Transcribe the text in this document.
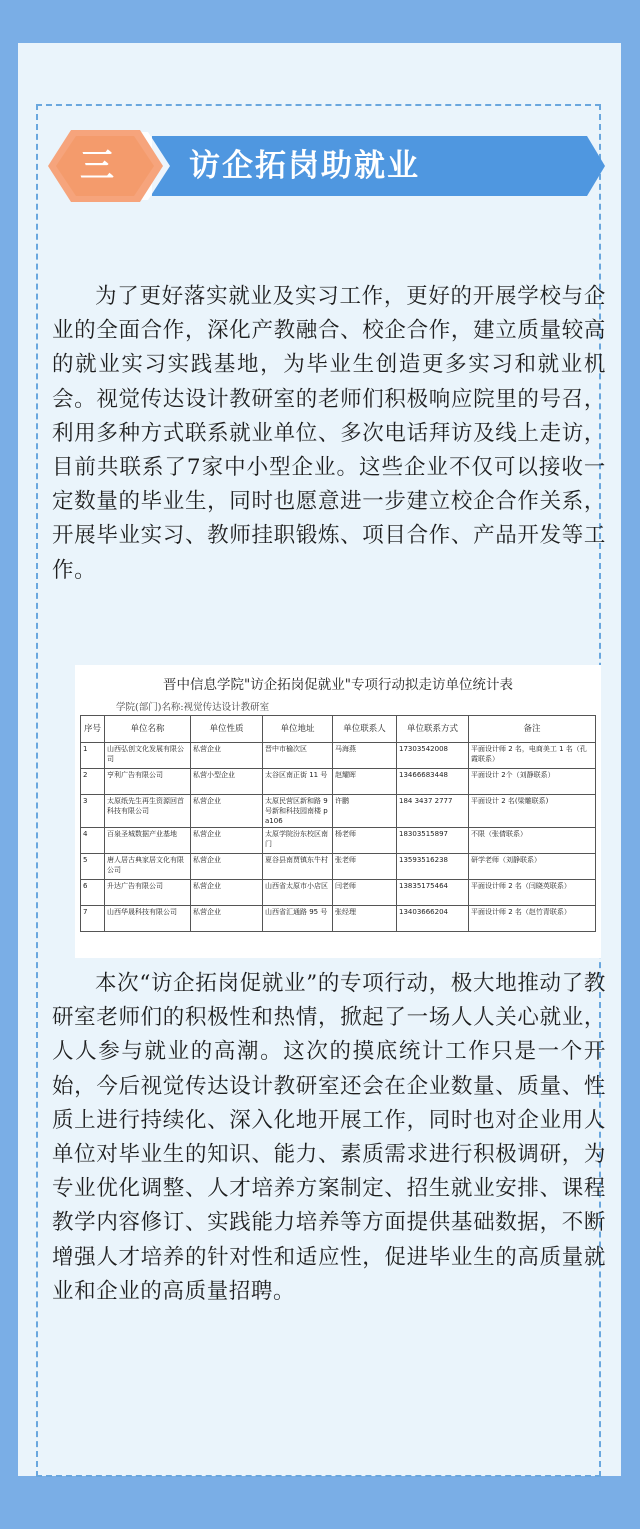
三	访企拓岗助就业

为了更好落实就业及实习工作，更好的开展学校与企业的全面合作，深化产教融合、校企合作，建立质量较高的就业实习实践基地，为毕业生创造更多实习和就业机会。视觉传达设计教研室的老师们积极响应院里的号召，利用多种方式联系就业单位、多次电话拜访及线上走访，目前共联系了7家中小型企业。这些企业不仅可以接收一定数量的毕业生，同时也愿意进一步建立校企合作关系，开展毕业实习、教师挂职锻炼、项目合作、产品开发等工作。

晋中信息学院"访企拓岗促就业"专项行动拟走访单位统计表
学院(部门)名称:视觉传达设计教研室
序号	单位名称	单位性质	单位地址	单位联系人	单位联系方式	备注
1	山西弘创文化发展有限公司	私营企业	晋中市榆次区	马海燕	17303542008	平面设计师 2 名，电商美工 1 名（孔霞联系）
2	亨利广告有限公司	私营小型企业	太谷区南正街 11 号	赵耀晖	13466683448	平面设计 2个（刘静联系）
3	太原纸先生再生资源回首科技有限公司	私营企业	太原民营区新和路 9 号新和科技园南楼 pa106	许鹏	184 3437 2777	平面设计 2 名(梁雕联系)
4	百泉圣城数据产业基地	私营企业	太原学院汾东校区南门	杨老师	18303515897	不限（张倩联系）
5	唐人居古典家居文化有限公司	私营企业	夏谷县南贾镇东牛村	张老师	13593516238	研学老师（刘静联系）
6	升达广告有限公司	私营企业	山西省太原市小店区	闫老师	13835175464	平面设计师 2 名（闫晓英联系）
7	山西华晟科技有限公司	私营企业	山西省汇通路 95 号	张经理	13403666204	平面设计师 2 名（赵竹青联系）

本次“访企拓岗促就业”的专项行动，极大地推动了教研室老师们的积极性和热情，掀起了一场人人关心就业，人人参与就业的高潮。这次的摸底统计工作只是一个开始，今后视觉传达设计教研室还会在企业数量、质量、性质上进行持续化、深入化地开展工作，同时也对企业用人单位对毕业生的知识、能力、素质需求进行积极调研，为专业优化调整、人才培养方案制定、招生就业安排、课程教学内容修订、实践能力培养等方面提供基础数据，不断增强人才培养的针对性和适应性，促进毕业生的高质量就业和企业的高质量招聘。
